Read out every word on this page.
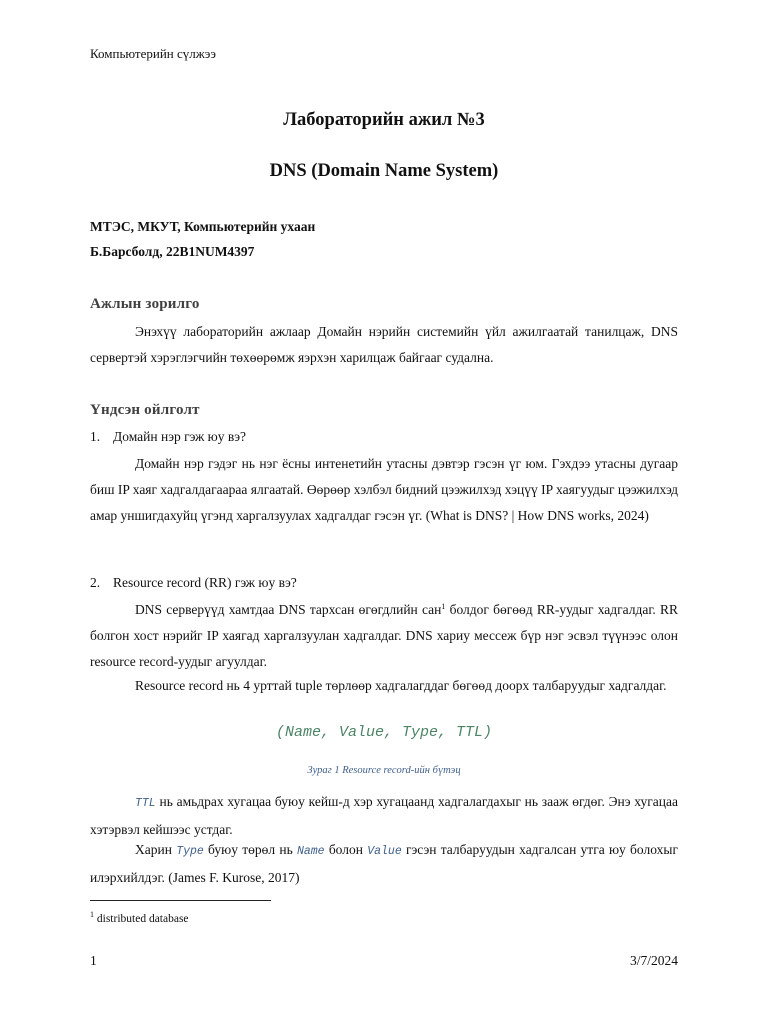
Компьютерийн сүлжээ
Лабораторийн ажил №3
DNS (Domain Name System)
МТЭС, МКУТ, Компьютерийн ухаан
Б.Барсболд, 22B1NUM4397
Ажлын зорилго
Энэхүү лабораторийн ажлаар Домайн нэрийн системийн үйл ажилгаатай танилцаж, DNS сервертэй хэрэглэгчийн төхөөрөмж яэрхэн харилцаж байгааг судална.
Үндсэн ойлголт
1. Домайн нэр гэж юу вэ?
Домайн нэр гэдэг нь нэг ёсны интенетийн утасны дэвтэр гэсэн үг юм. Гэхдээ утасны дугаар биш IP хаяг хадгалдагаараа ялгаатай. Өөрөөр хэлбэл бидний цээжилхэд хэцүү IP хаягуудыг цээжилхэд амар уншигдахуйц үгэнд харгалзуулах хадгалдаг гэсэн үг. (What is DNS? | How DNS works, 2024)
2. Resource record (RR) гэж юу вэ?
DNS серверүүд хамтдаа DNS тархсан өгөгдлийн сан$^1$ болдог бөгөөд RR-уудыг хадгалдаг. RR болгон хост нэрийг IP хаягад харгалзуулан хадгалдаг. DNS хариу мессеж бүр нэг эсвэл түүнээс олон resource record-уудыг агуулдаг.
Resource record нь 4 урттай tuple төрлөөр хадгалагддаг бөгөөд доорх талбаруудыг хадгалдаг.
(Name, Value, Type, TTL)
Зураг 1 Resource record-ийн бүтэц
TTL нь амьдрах хугацаа буюу кейш-д хэр хугацаанд хадгалагдахыг нь зааж өгдөг. Энэ хугацаа хэтэрвэл кейшээс устдаг.
Харин Type буюу төрөл нь Name болон Value гэсэн талбаруудын хадгалсан утга юу болохыг илэрхийлдэг. (James F. Kurose, 2017)
$^1$ distributed database
1	3/7/2024
